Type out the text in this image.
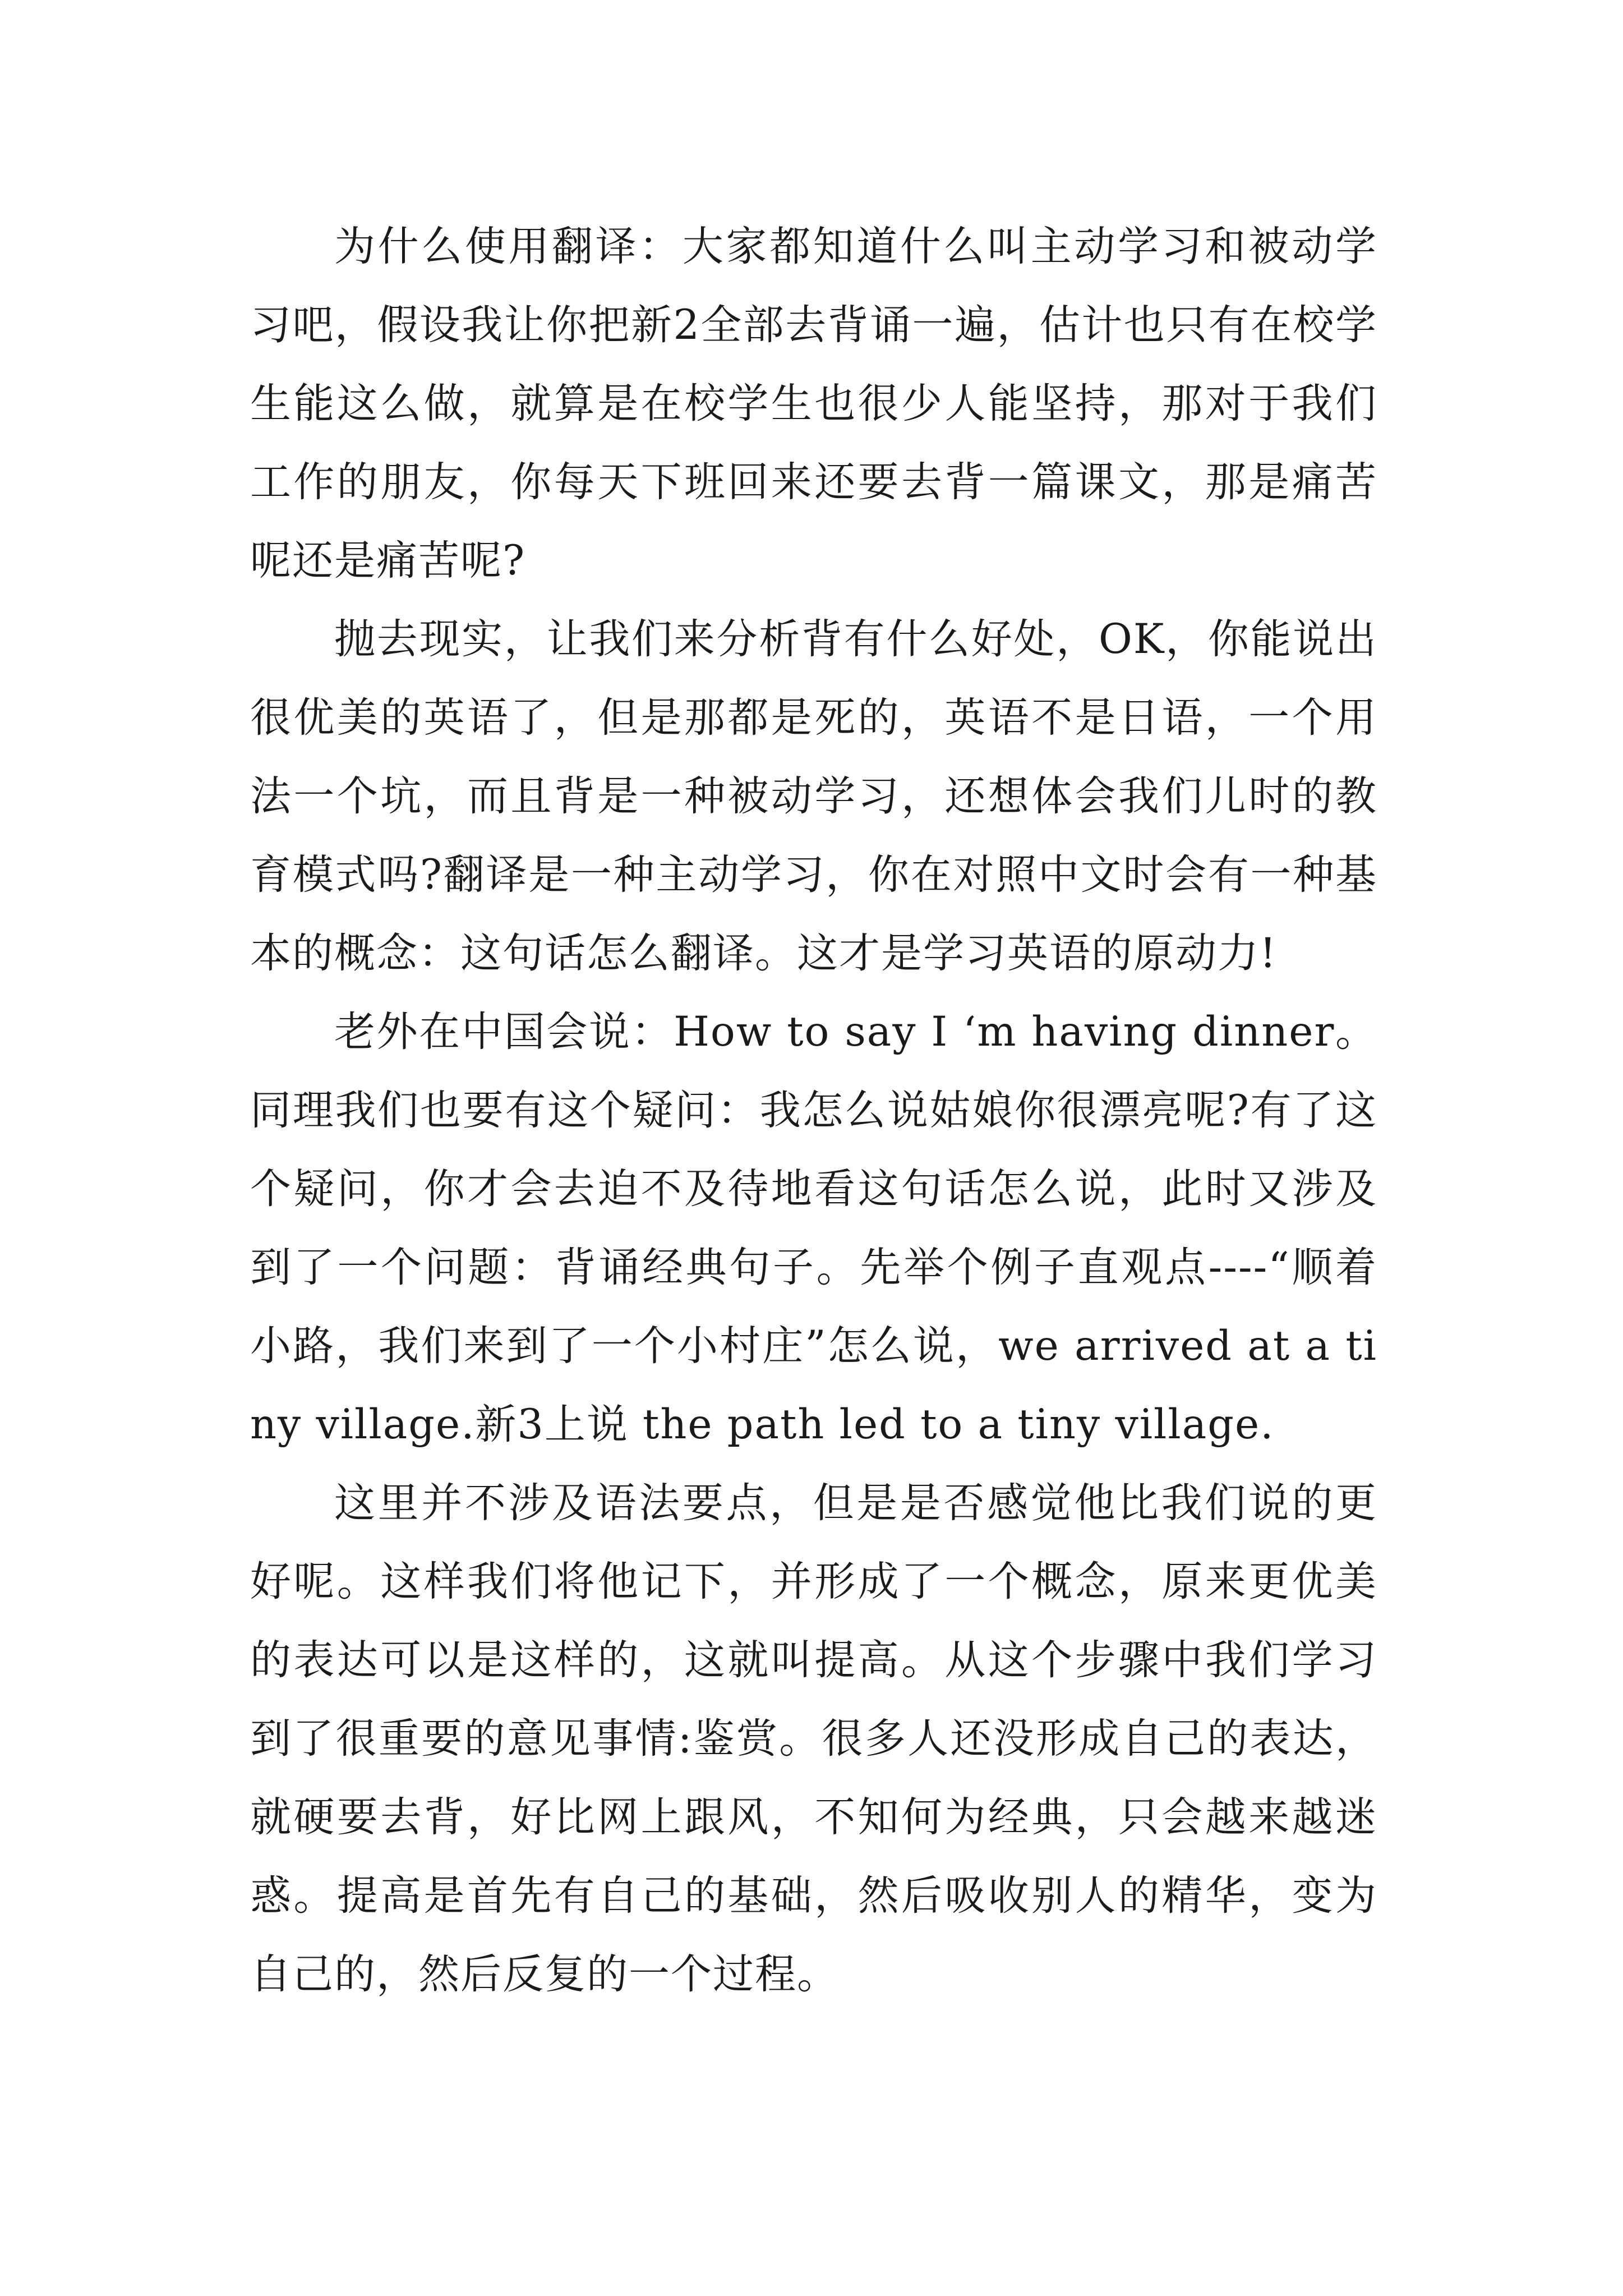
为什么使用翻译：大家都知道什么叫主动学习和被动学习吧，假设我让你把新2全部去背诵一遍，估计也只有在校学生能这么做，就算是在校学生也很少人能坚持，那对于我们工作的朋友，你每天下班回来还要去背一篇课文，那是痛苦呢还是痛苦呢?

抛去现实，让我们来分析背有什么好处，OK，你能说出很优美的英语了，但是那都是死的，英语不是日语，一个用法一个坑，而且背是一种被动学习，还想体会我们儿时的教育模式吗?翻译是一种主动学习，你在对照中文时会有一种基本的概念：这句话怎么翻译。这才是学习英语的原动力!

老外在中国会说：How to say I ‘m having dinner。同理我们也要有这个疑问：我怎么说姑娘你很漂亮呢?有了这个疑问，你才会去迫不及待地看这句话怎么说，此时又涉及到了一个问题：背诵经典句子。先举个例子直观点----“顺着小路，我们来到了一个小村庄”怎么说，we arrived at a tiny village.新3上说 the path led to a tiny village.

这里并不涉及语法要点，但是是否感觉他比我们说的更好呢。这样我们将他记下，并形成了一个概念，原来更优美的表达可以是这样的，这就叫提高。从这个步骤中我们学习到了很重要的意见事情:鉴赏。很多人还没形成自己的表达，就硬要去背，好比网上跟风，不知何为经典，只会越来越迷惑。提高是首先有自己的基础，然后吸收别人的精华，变为自己的，然后反复的一个过程。
